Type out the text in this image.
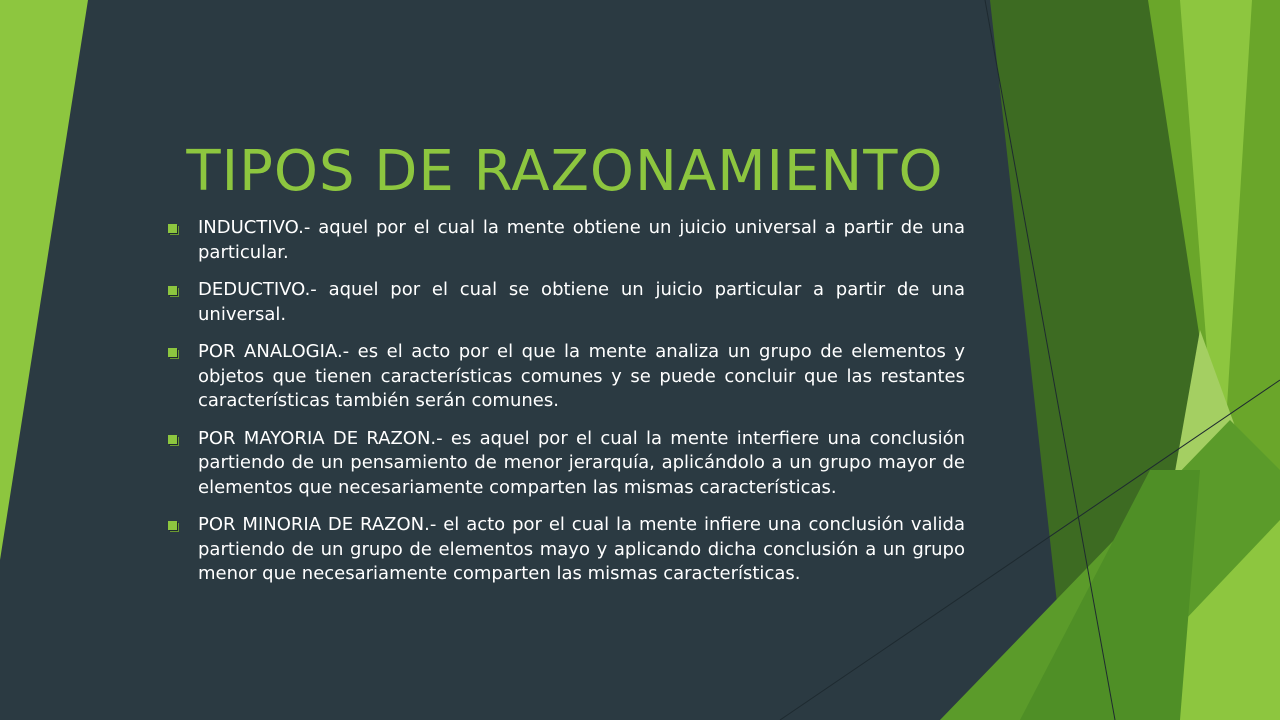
TIPOS DE RAZONAMIENTO
INDUCTIVO.- aquel por el cual la mente obtiene un juicio universal a partir de una particular.
DEDUCTIVO.- aquel por el cual se obtiene un juicio particular a partir de una universal.
POR ANALOGIA.- es el acto por el que la mente analiza un grupo de elementos y objetos que tienen características comunes y se puede concluir que las restantes características también serán comunes.
POR MAYORIA DE RAZON.- es aquel por el cual la mente interfiere una conclusión partiendo de un pensamiento de menor jerarquía, aplicándolo a un grupo mayor de elementos que necesariamente comparten las mismas características.
POR MINORIA DE RAZON.- el acto por el cual la mente infiere una conclusión valida partiendo de un grupo de elementos mayo y aplicando dicha conclusión a un grupo menor que necesariamente comparten las mismas características.
